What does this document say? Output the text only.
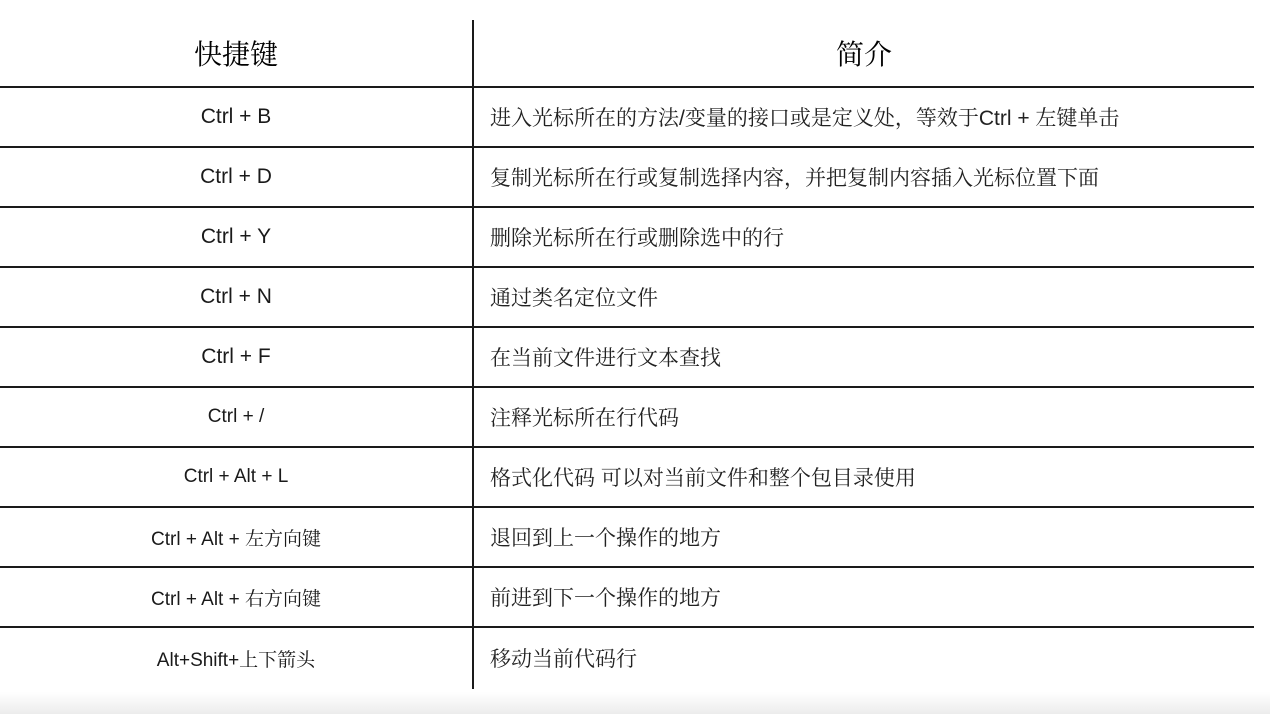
快捷键	简介
Ctrl + B	进入光标所在的方法/变量的接口或是定义处，等效于Ctrl + 左键单击
Ctrl + D	复制光标所在行或复制选择内容，并把复制内容插入光标位置下面
Ctrl + Y	删除光标所在行或删除选中的行
Ctrl + N	通过类名定位文件
Ctrl + F	在当前文件进行文本查找
Ctrl + /	注释光标所在行代码
Ctrl + Alt + L	格式化代码 可以对当前文件和整个包目录使用
Ctrl + Alt + 左方向键	退回到上一个操作的地方
Ctrl + Alt + 右方向键	前进到下一个操作的地方
Alt+Shift+上下箭头	移动当前代码行
